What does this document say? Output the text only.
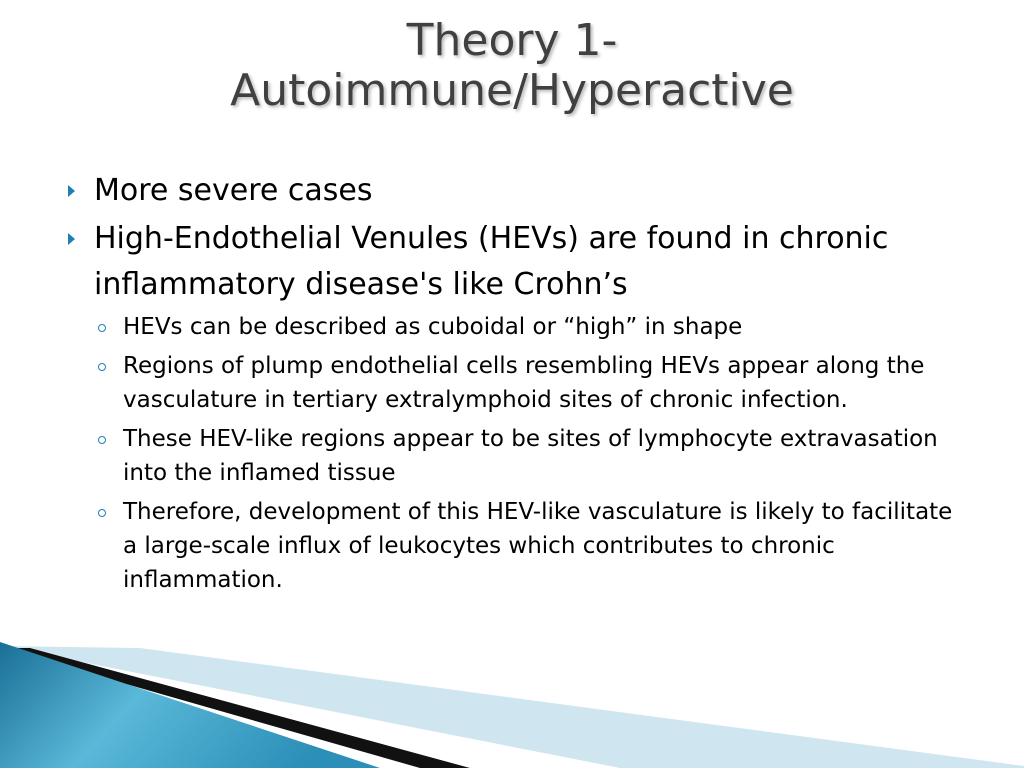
Theory 1-
Autoimmune/Hyperactive
More severe cases
High-Endothelial Venules (HEVs) are found in chronic inflammatory disease's like Crohn’s
HEVs can be described as cuboidal or “high” in shape
Regions of plump endothelial cells resembling HEVs appear along the vasculature in tertiary extralymphoid sites of chronic infection.
These HEV-like regions appear to be sites of lymphocyte extravasation into the inflamed tissue
Therefore, development of this HEV-like vasculature is likely to facilitate a large-scale influx of leukocytes which contributes to chronic inflammation.
